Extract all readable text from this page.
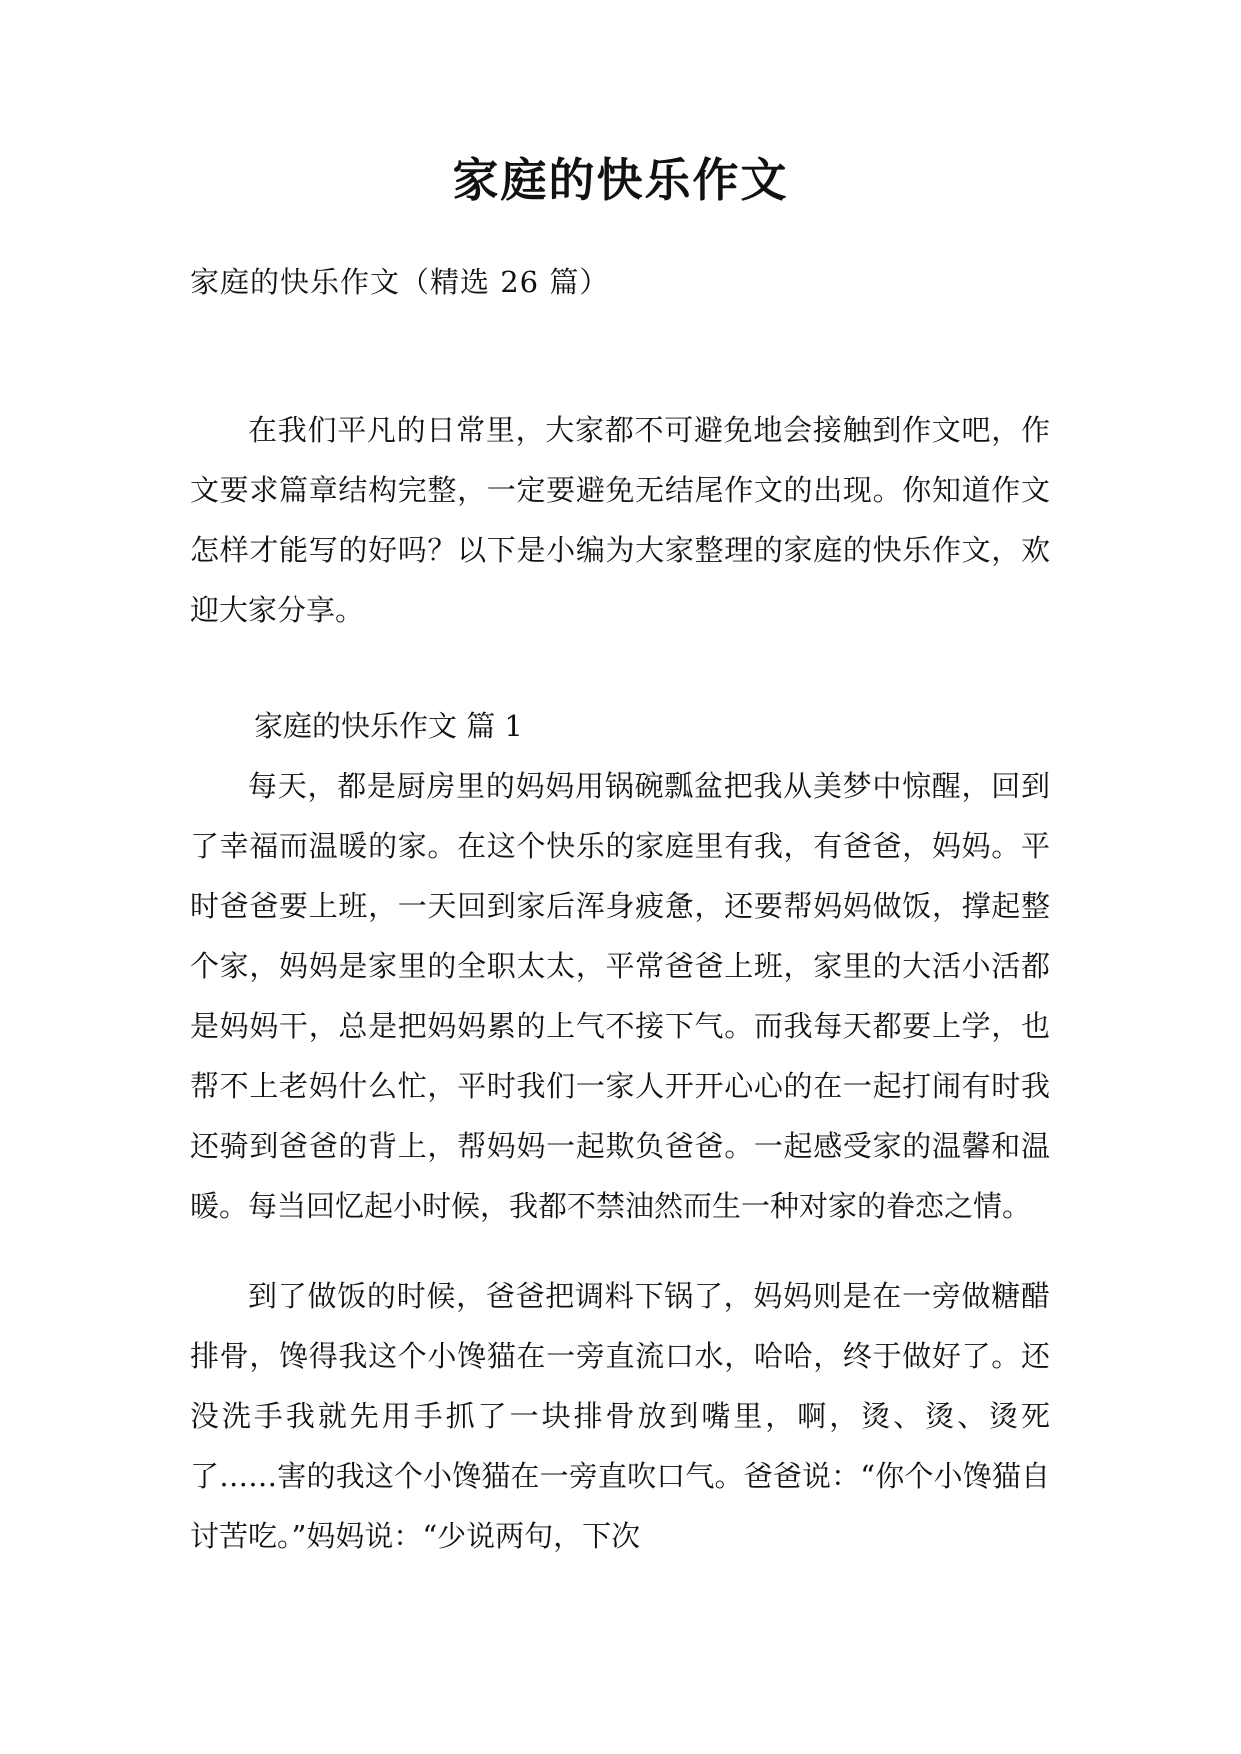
家庭的快乐作文
家庭的快乐作文（精选 26 篇）

在我们平凡的日常里，大家都不可避免地会接触到作文吧，作文要求篇章结构完整，一定要避免无结尾作文的出现。你知道作文怎样才能写的好吗？以下是小编为大家整理的家庭的快乐作文，欢迎大家分享。

家庭的快乐作文 篇 1

每天，都是厨房里的妈妈用锅碗瓢盆把我从美梦中惊醒，回到了幸福而温暖的家。在这个快乐的家庭里有我，有爸爸，妈妈。平时爸爸要上班，一天回到家后浑身疲惫，还要帮妈妈做饭，撑起整个家，妈妈是家里的全职太太，平常爸爸上班，家里的大活小活都是妈妈干，总是把妈妈累的上气不接下气。而我每天都要上学，也帮不上老妈什么忙，平时我们一家人开开心心的在一起打闹有时我还骑到爸爸的背上，帮妈妈一起欺负爸爸。一起感受家的温馨和温暖。每当回忆起小时候，我都不禁油然而生一种对家的眷恋之情。

到了做饭的时候，爸爸把调料下锅了，妈妈则是在一旁做糖醋排骨，馋得我这个小馋猫在一旁直流口水，哈哈，终于做好了。还没洗手我就先用手抓了一块排骨放到嘴里，啊，烫、烫、烫死了……害的我这个小馋猫在一旁直吹口气。爸爸说：“你个小馋猫自讨苦吃。”妈妈说：“少说两句，下次
